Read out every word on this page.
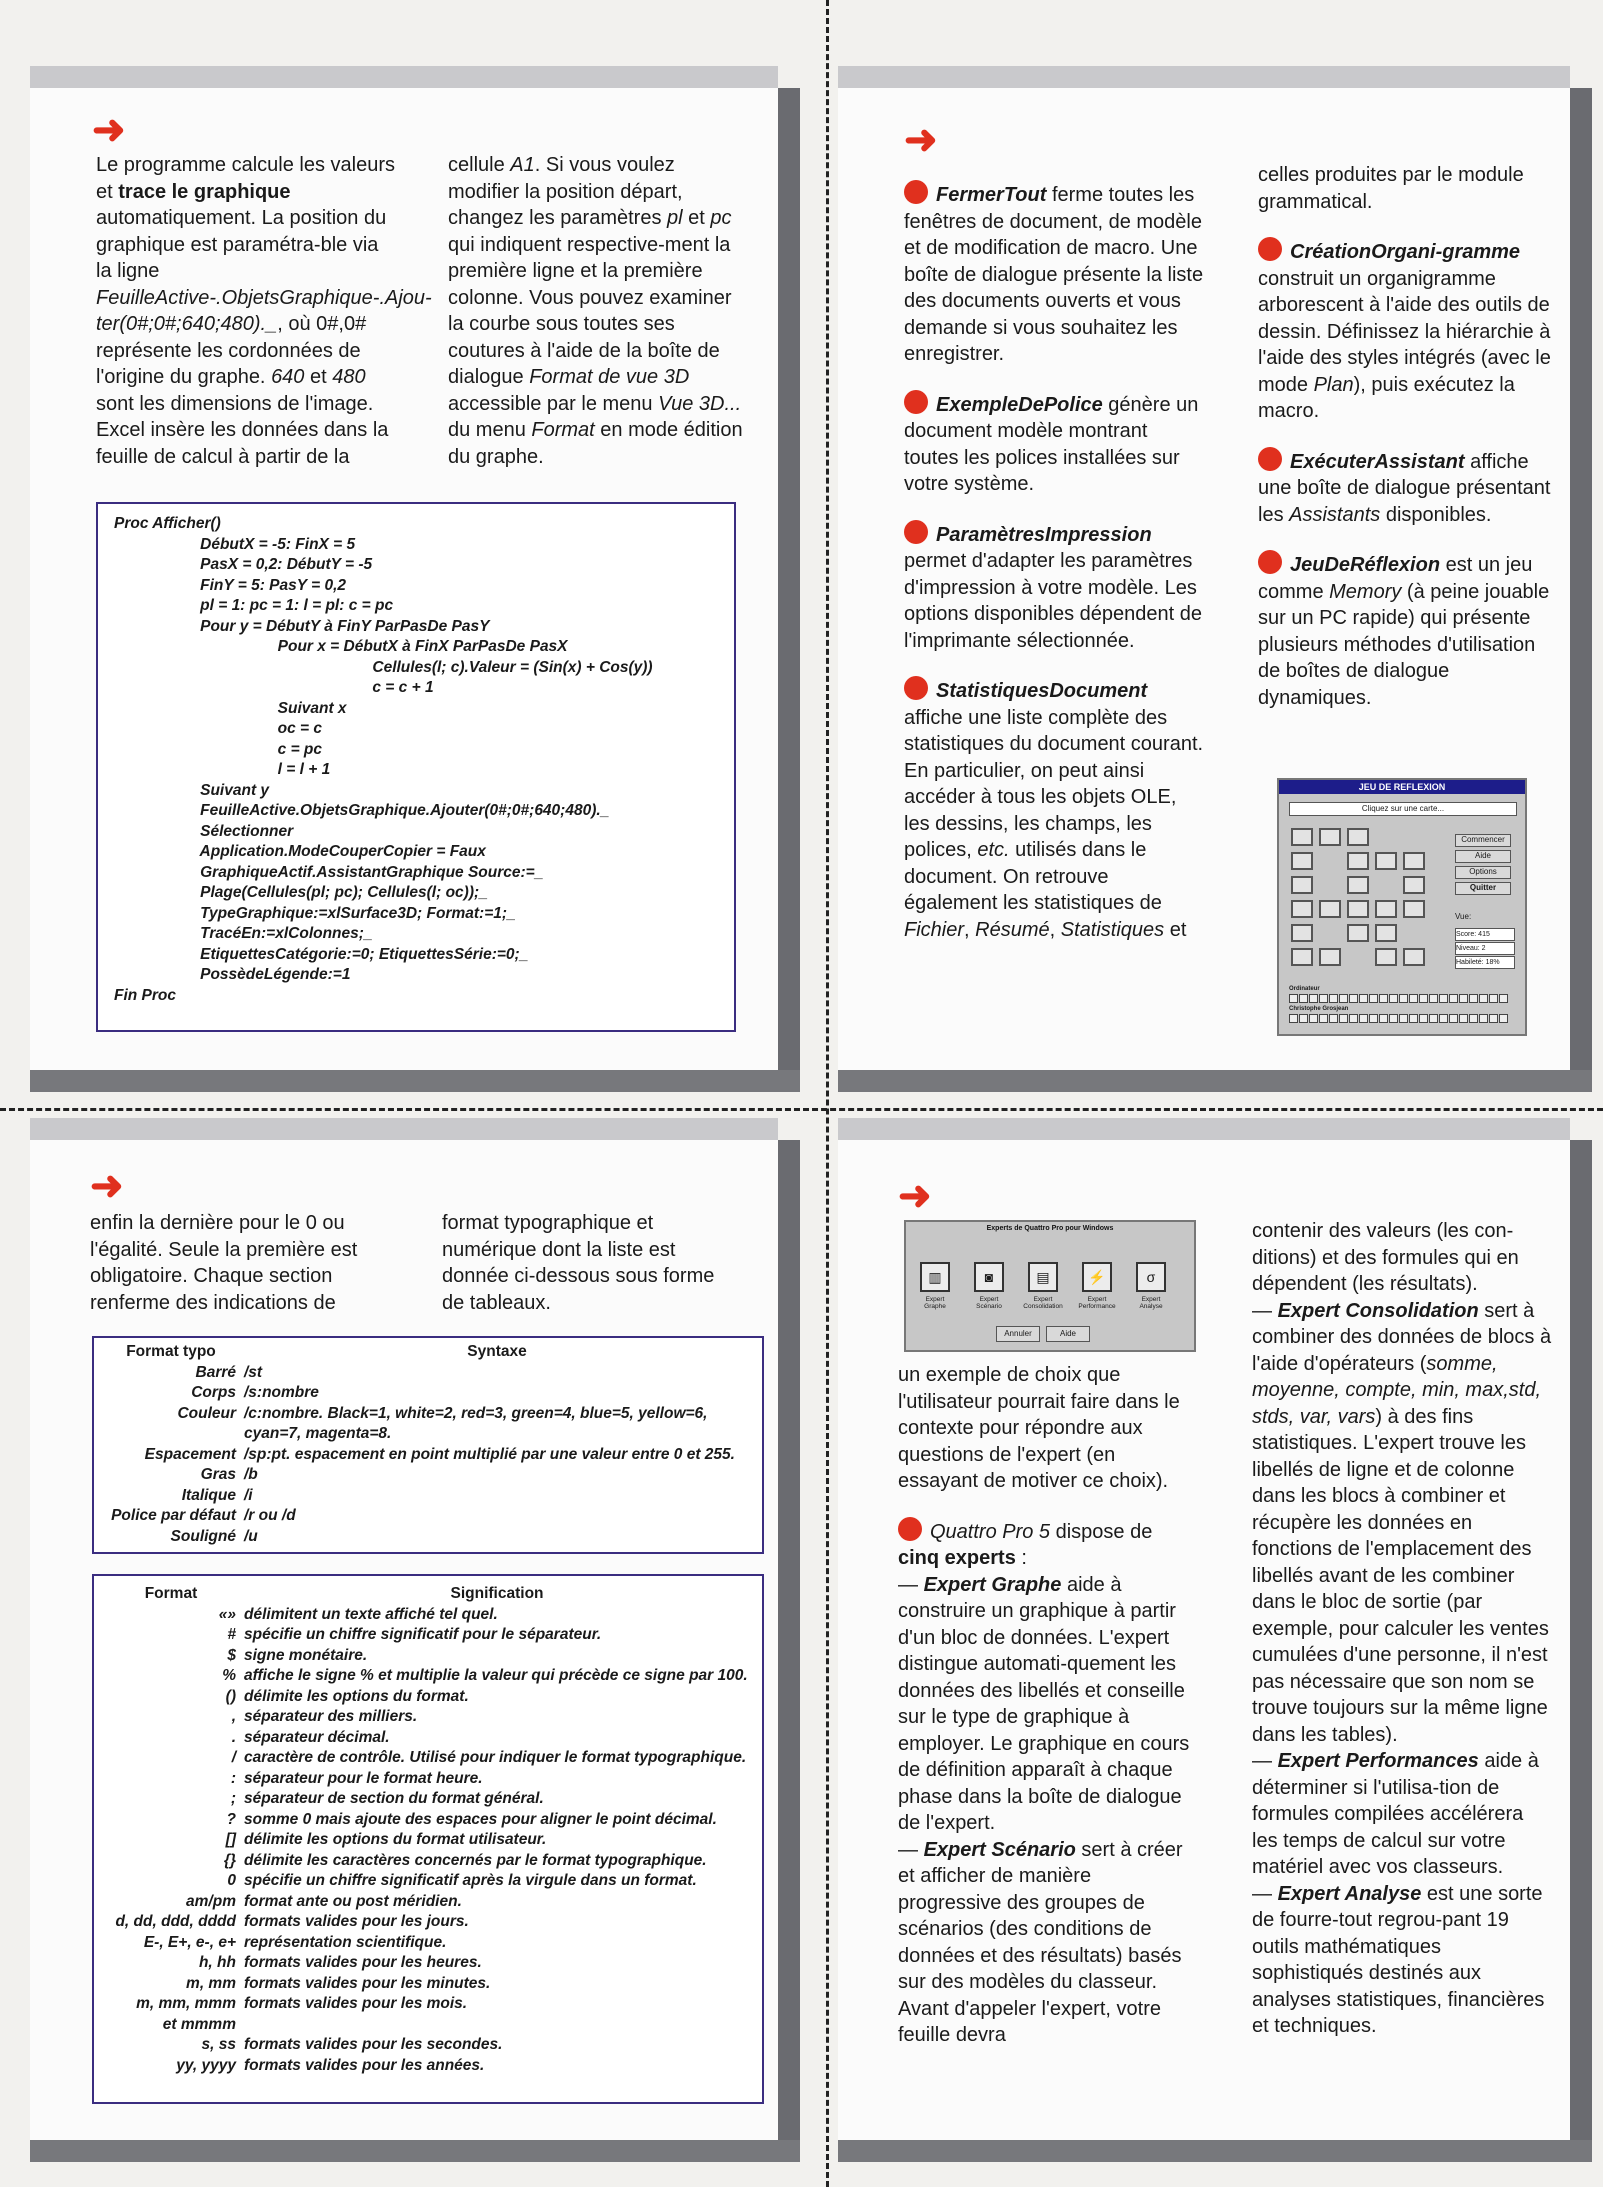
➜
Le programme calcule les valeurs et trace le graphique automatiquement. La position du graphique est paramétra-ble via la ligne FeuilleActive-.ObjetsGraphique-.Ajou-ter(0#;0#;640;480)._, où 0#,0# représente les cordonnées de l'origine du graphe. 640 et 480 sont les dimensions de l'image. Excel insère les données dans la feuille de calcul à partir de la
cellule A1. Si vous voulez modifier la position départ, changez les paramètres pl et pc qui indiquent respective-ment la première ligne et la première colonne. Vous pouvez examiner la courbe sous toutes ses coutures à l'aide de la boîte de dialogue Format de vue 3D accessible par le menu Vue 3D... du menu Format en mode édition du graphe.
Proc Afficher()
DébutX = -5: FinX = 5
PasX = 0,2: DébutY = -5
FinY = 5: PasY = 0,2
pl = 1: pc = 1: l = pl: c = pc
Pour y = DébutY à FinY ParPasDe PasY
Pour x = DébutX à FinX ParPasDe PasX
Cellules(l; c).Valeur = (Sin(x) + Cos(y))
c = c + 1
Suivant x
oc = c
c = pc
l = l + 1
Suivant y
FeuilleActive.ObjetsGraphique.Ajouter(0#;0#;640;480)._
Sélectionner
Application.ModeCouperCopier = Faux
GraphiqueActif.AssistantGraphique Source:=_
Plage(Cellules(pl; pc); Cellules(l; oc));_
TypeGraphique:=xlSurface3D; Format:=1;_
TracéEn:=xlColonnes;_
EtiquettesCatégorie:=0; EtiquettesSérie:=0;_
PossèdeLégende:=1
Fin Proc
➜

FermerTout ferme toutes les fenêtres de document, de modèle et de modification de macro. Une boîte de dialogue présente la liste des documents ouverts et vous demande si vous souhaitez les enregistrer.

ExempleDePolice génère un document modèle montrant toutes les polices installées sur votre système.

ParamètresImpression permet d'adapter les paramètres d'impression à votre modèle. Les options disponibles dépendent de l'imprimante sélectionnée.

StatistiquesDocument affiche une liste complète des statistiques du document courant. En particulier, on peut ainsi accéder à tous les objets OLE, les dessins, les champs, les polices, etc. utilisés dans le document. On retrouve également les statistiques de Fichier, Résumé, Statistiques et

celles produites par le module grammatical.

CréationOrgani-gramme construit un organigramme arborescent à l'aide des outils de dessin. Définissez la hiérarchie à l'aide des styles intégrés (avec le mode Plan), puis exécutez la macro.

ExécuterAssistant affiche une boîte de dialogue présentant les Assistants disponibles.

JeuDeRéflexion est un jeu comme Memory (à peine jouable sur un PC rapide) qui présente plusieurs méthodes d'utilisation de boîtes de dialogue dynamiques.

JEU DE REFLEXION
Cliquez sur une carte...
Commencer
Aide
Options
Quitter
Vue:
Score: 415
Niveau: 2
Habileté: 18%
Ordinateur
Christophe Grosjean
➜
enfin la dernière pour le 0 ou l'égalité. Seule la première est obligatoire. Chaque section renferme des indications de
format typographique et numérique dont la liste est donnée ci-dessous sous forme de tableaux.
Format typo	Syntaxe
Barré	/st
Corps	/s:nombre
Couleur	/c:nombre. Black=1, white=2, red=3, green=4, blue=5, yellow=6, cyan=7, magenta=8.
Espacement	/sp:pt. espacement en point multiplié par une valeur entre 0 et 255.
Gras	/b
Italique	/i
Police par défaut	/r ou /d
Souligné	/u
Format	Signification
«»	délimitent un texte affiché tel quel.
#	spécifie un chiffre significatif pour le séparateur.
$	signe monétaire.
%	affiche le signe % et multiplie la valeur qui précède ce signe par 100.
()	délimite les options du format.
,	séparateur des milliers.
.	séparateur décimal.
/	caractère de contrôle. Utilisé pour indiquer le format typographique.
:	séparateur pour le format heure.
;	séparateur de section du format général.
?	somme 0 mais ajoute des espaces pour aligner le point décimal.
[]	délimite les options du format utilisateur.
{}	délimite les caractères concernés par le format typographique.
0	spécifie un chiffre significatif après la virgule dans un format.
am/pm	format ante ou post méridien.
d, dd, ddd, dddd	formats valides pour les jours.
E-, E+, e-, e+	représentation scientifique.
h, hh	formats valides pour les heures.
m, mm	formats valides pour les minutes.
m, mm, mmm	formats valides pour les mois.
et mmmm	
s, ss	formats valides pour les secondes.
yy, yyyy	formats valides pour les années.
➜
Experts de Quattro Pro pour Windows
▥
Expert Graphe
◙
Expert Scénario
▤
Expert Consolidation
⚡
Expert Performance
σ
Expert Analyse
Annuler	Aide

un exemple de choix que l'utilisateur pourrait faire dans le contexte pour répondre aux questions de l'expert (en essayant de motiver ce choix).

Quattro Pro 5 dispose de cinq experts :
— Expert Graphe aide à construire un graphique à partir d'un bloc de données. L'expert distingue automati-quement les données des libellés et conseille sur le type de graphique à employer. Le graphique en cours de définition apparaît à chaque phase dans la boîte de dialogue de l'expert.
— Expert Scénario sert à créer et afficher de manière progressive des groupes de scénarios (des conditions de données et des résultats) basés sur des modèles du classeur. Avant d'appeler l'expert, votre feuille devra

contenir des valeurs (les con-ditions) et des formules qui en dépendent (les résultats).
— Expert Consolidation sert à combiner des données de blocs à l'aide d'opérateurs (somme, moyenne, compte, min, max,std, stds, var, vars) à des fins statistiques. L'expert trouve les libellés de ligne et de colonne dans les blocs à combiner et récupère les données en fonctions de l'emplacement des libellés avant de les combiner dans le bloc de sortie (par exemple, pour calculer les ventes cumulées d'une personne, il n'est pas nécessaire que son nom se trouve toujours sur la même ligne dans les tables).
— Expert Performances aide à déterminer si l'utilisa-tion de formules compilées accélérera les temps de calcul sur votre matériel avec vos classeurs.
— Expert Analyse est une sorte de fourre-tout regrou-pant 19 outils mathématiques sophistiqués destinés aux analyses statistiques, financières et techniques.
